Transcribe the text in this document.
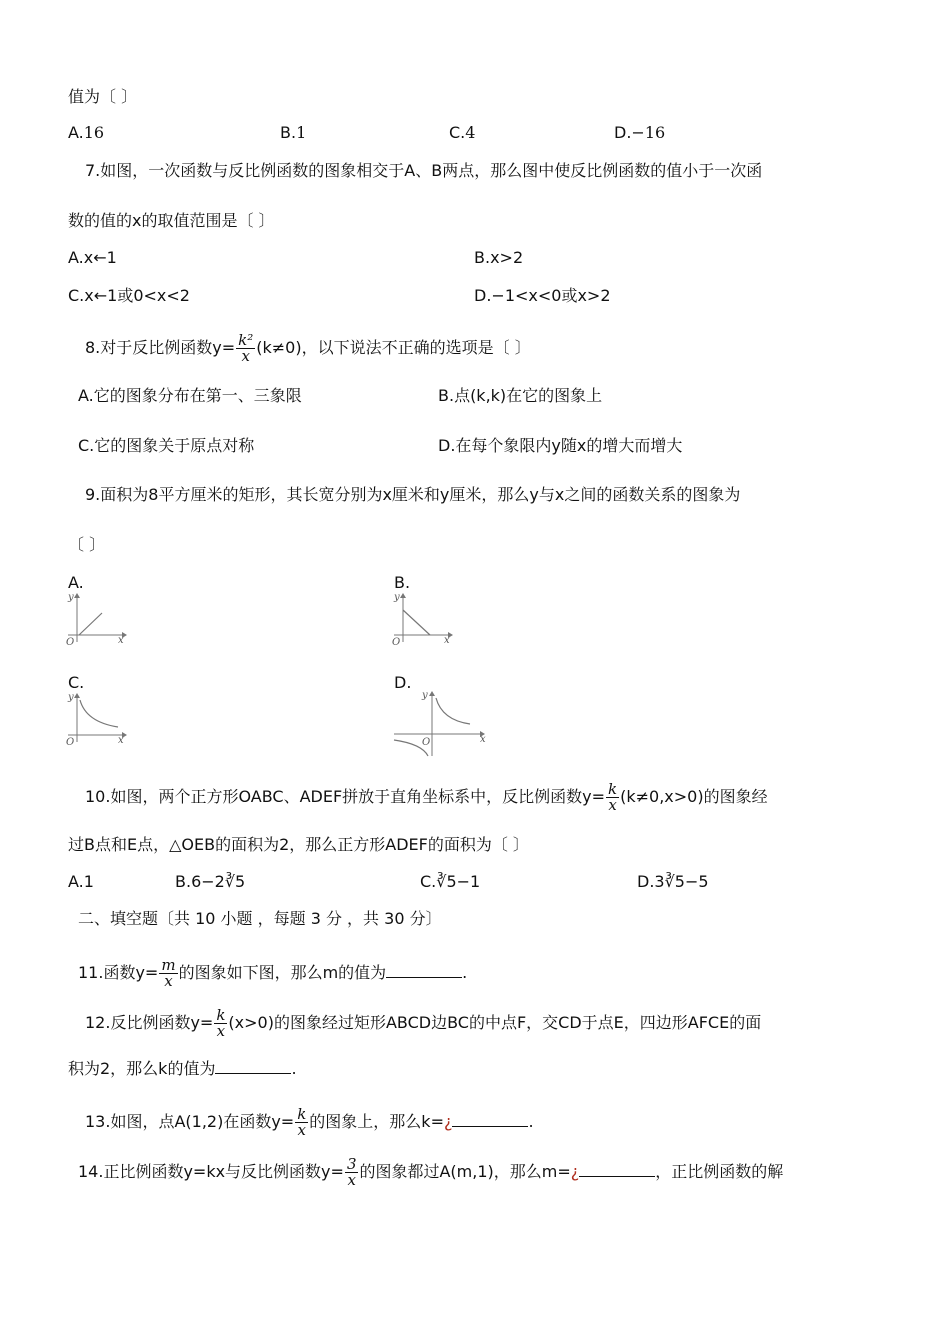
值为〔 〕
A.16	B.1	C.4	D.−16
7.如图，一次函数与反比例函数的图象相交于A、B两点，那么图中使反比例函数的值小于一次函
数的值的x的取值范围是〔 〕
A.x←1	B.x>2
C.x←1或0<x<2	D.−1<x<0或x>2
8.对于反比例函数$y= \frac{\text{k²}}{x} (k\ne 0)$，以下说法不正确的选项是〔 〕
A.它的图象分布在第一、三象限	B.点(k,k)在它的图象上
C.它的图象关于原点对称	D.在每个象限内y随x的增大而增大
9.面积为8平方厘米的矩形，其长宽分别为x厘米和y厘米，那么y与x之间的函数关系的图象为
〔 〕
A.
y
x
O
B.
y
x
O
C.
y
x
O
D.
y
x
O
10.如图，两个正方形OABC、ADEF拼放于直角坐标系中，反比例函数$y= \frac{k}{x} (k\ne 0,x>0)$的图象经
过B点和E点，△OEB的面积为2，那么正方形ADEF的面积为〔 〕
A.1	B.6−2∛5	C.∛5−1	D.3∛5−5
二、填空题〔共 10 小题 ，每题 3 分 ，共 30 分〕
11.函数$y= \frac{m}{x}$ 的图象如下图，那么m的值为	.
12.反比例函数$y= \frac{k}{x} (x>0)$的图象经过矩形ABCD边BC的中点F，交CD于点E，四边形AFCE的面
积为2，那么k的值为	.
13.如图，点A(1,2)在函数$y= \frac{k}{x}$ 的图象上，那么k=¿	.
14.正比例函数y=kx与反比例函数$y= \frac{3}{x}$ 的图象都过A(m,1)，那么m=¿	，正比例函数的解
